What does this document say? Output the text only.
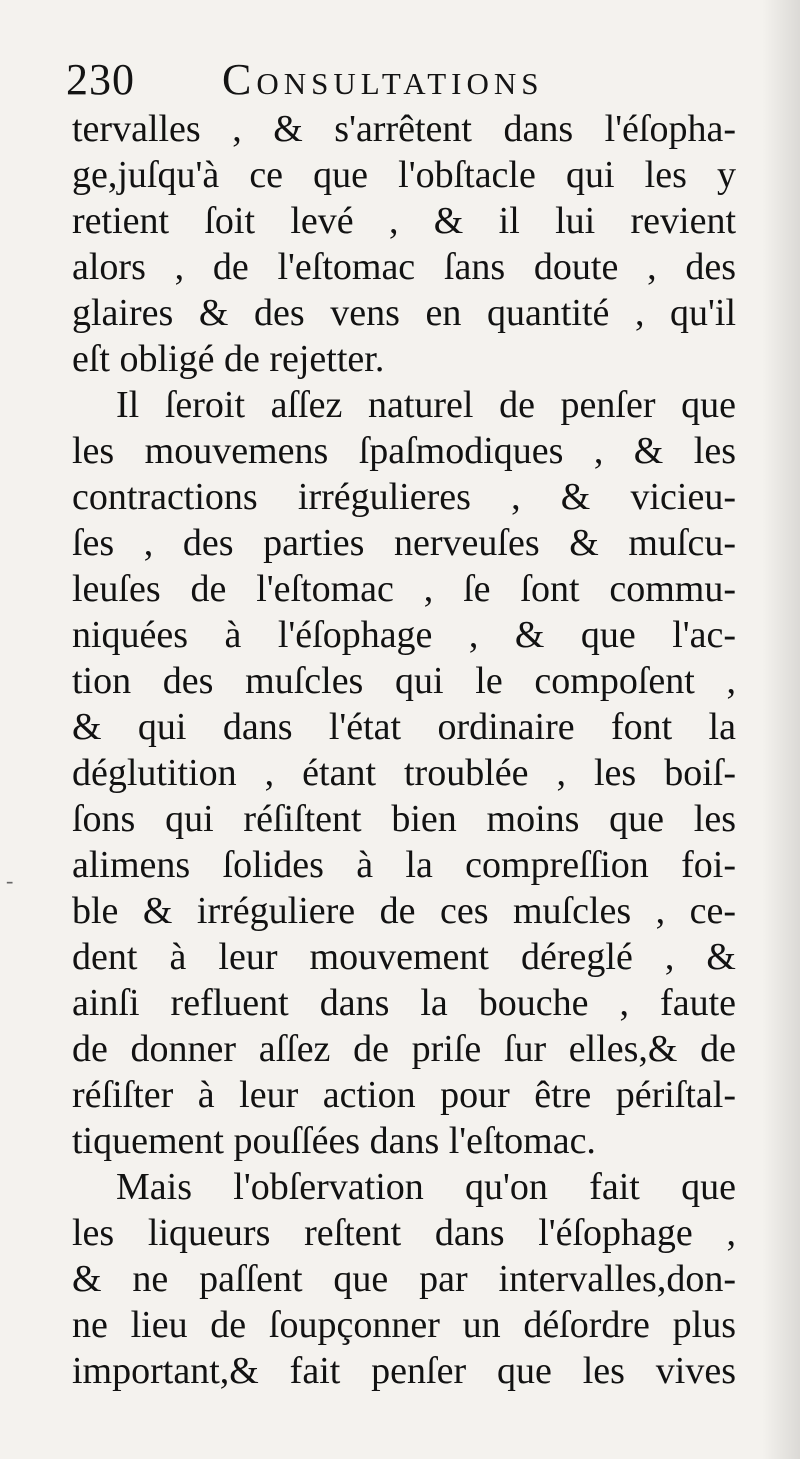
230 Consultations
-
tervalles , & s'arrêtent dans l'éſopha-
ge,juſqu'à ce que l'obſtacle qui les y
retient ſoit levé , & il lui revient
alors , de l'eſtomac ſans doute , des
glaires & des vens en quantité , qu'il
eſt obligé de rejetter.
Il ſeroit aſſez naturel de penſer que
les mouvemens ſpaſmodiques , & les
contractions irrégulieres , & vicieu-
ſes , des parties nerveuſes & muſcu-
leuſes de l'eſtomac , ſe ſont commu-
niquées à l'éſophage , & que l'ac-
tion des muſcles qui le compoſent ,
& qui dans l'état ordinaire font la
déglutition , étant troublée , les boiſ-
ſons qui réſiſtent bien moins que les
alimens ſolides à la compreſſion foi-
ble & irréguliere de ces muſcles , ce-
dent à leur mouvement déreglé , &
ainſi refluent dans la bouche , faute
de donner aſſez de priſe ſur elles,& de
réſiſter à leur action pour être périſtal-
tiquement pouſſées dans l'eſtomac.
Mais l'obſervation qu'on fait que
les liqueurs reſtent dans l'éſophage ,
& ne paſſent que par intervalles,don-
ne lieu de ſoupçonner un déſordre plus
important,& fait penſer que les vives
